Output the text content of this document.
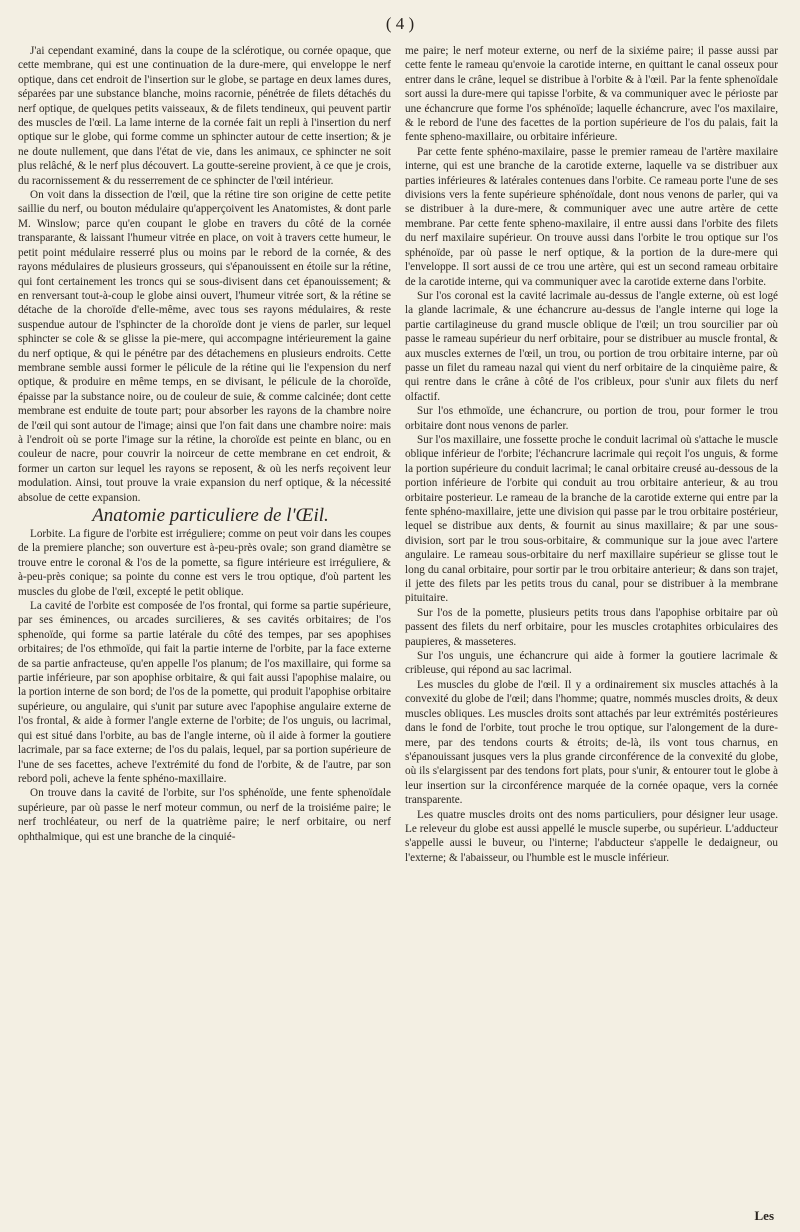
( 4 )

J'ai cependant examiné, dans la coupe de la sclérotique, ou cornée opaque, que cette membrane, qui est une continuation de la dure-mere, qui enveloppe le nerf optique, dans cet endroit de l'insertion sur le globe, se partage en deux lames dures, séparées par une substance blanche, moins racornie, pénétrée de filets détachés du nerf optique, de quelques petits vaisseaux, & de filets tendineux, qui peuvent partir des muscles de l'œil. La lame interne de la cornée fait un repli à l'insertion du nerf optique sur le globe, qui forme comme un sphincter autour de cette insertion; & je ne doute nullement, que dans l'état de vie, dans les animaux, ce sphincter ne soit plus relâché, & le nerf plus découvert. La goutte-sereine provient, à ce que je crois, du racornissement & du resserrement de ce sphincter de l'œil intérieur.

On voit dans la dissection de l'œil, que la rétine tire son origine de cette petite saillie du nerf, ou bouton médulaire qu'apperçoivent les Anatomistes, & dont parle M. Winslow; parce qu'en coupant le globe en travers du côté de la cornée transparante, & laissant l'humeur vitrée en place, on voit à travers cette humeur, le petit point médulaire resserré plus ou moins par le rebord de la cornée, & des rayons médulaires de plusieurs grosseurs, qui s'épanouissent en étoile sur la rétine, qui font certainement les troncs qui se sous-divisent dans cet épanouissement; & en renversant tout-à-coup le globe ainsi ouvert, l'humeur vitrée sort, & la rétine se détache de la choroïde d'elle-même, avec tous ses rayons médulaires, & reste suspendue autour de l'sphincter de la choroïde dont je viens de parler, sur lequel sphincter se cole & se glisse la pie-mere, qui accompagne intérieurement la gaine du nerf optique, & qui le pénétre par des détachemens en plusieurs endroits. Cette membrane semble aussi former le pélicule de la rétine qui lie l'expension du nerf optique, & produire en même temps, en se divisant, le pélicule de la choroïde, épaisse par la substance noire, ou de couleur de suie, & comme calcinée; dont cette membrane est enduite de toute part; pour absorber les rayons de la chambre noire de l'œil qui sont autour de l'image; ainsi que l'on fait dans une chambre noire: mais à l'endroit où se porte l'image sur la rétine, la choroïde est peinte en blanc, ou en couleur de nacre, pour couvrir la noirceur de cette membrane en cet endroit, & former un carton sur lequel les rayons se reposent, & où les nerfs reçoivent leur modulation. Ainsi, tout prouve la vraie expansion du nerf optique, & la nécessité absolue de cette expansion.

Anatomie particuliere de l'Œil.

Lorbite. La figure de l'orbite est irréguliere; comme on peut voir dans les coupes de la premiere planche; son ouverture est à-peu-près ovale; son grand diamètre se trouve entre le coronal & l'os de la pomette, sa figure intérieure est irréguliere, & à-peu-près conique; sa pointe du conne est vers le trou optique, d'où partent les muscles du globe de l'œil, excepté le petit oblique.

La cavité de l'orbite est composée de l'os frontal, qui forme sa partie supérieure, par ses éminences, ou arcades surcilieres, & ses cavités orbitaires; de l'os sphenoïde, qui forme sa partie latérale du côté des tempes, par ses apophises orbitaires; de l'os ethmoïde, qui fait la partie interne de l'orbite, par la face externe de sa partie anfracteuse, qu'en appelle l'os planum; de l'os maxillaire, qui forme sa partie inférieure, par son apophise orbitaire, & qui fait aussi l'apophise malaire, ou la portion interne de son bord; de l'os de la pomette, qui produit l'apophise orbitaire supérieure, ou angulaire, qui s'unit par suture avec l'apophise angulaire externe de l'os frontal, & aide à former l'angle externe de l'orbite; de l'os unguis, ou lacrimal, qui est situé dans l'orbite, au bas de l'angle interne, où il aide à former la goutiere lacrimale, par sa face externe; de l'os du palais, lequel, par sa portion supérieure de l'une de ses facettes, acheve l'extrémité du fond de l'orbite, & de l'autre, par son rebord poli, acheve la fente sphéno-maxillaire.

On trouve dans la cavité de l'orbite, sur l'os sphénoïde, une fente sphenoïdale supérieure, par où passe le nerf moteur commun, ou nerf de la troisiéme paire; le nerf trochléateur, ou nerf de la quatrième paire; le nerf orbitaire, ou nerf ophthalmique, qui est une branche de la cinquié-

me paire; le nerf moteur externe, ou nerf de la sixiéme paire; il passe aussi par cette fente le rameau qu'envoie la carotide interne, en quittant le canal osseux pour entrer dans le crâne, lequel se distribue à l'orbite & à l'œil. Par la fente sphenoïdale sort aussi la dure-mere qui tapisse l'orbite, & va communiquer avec le périoste par une échancrure que forme l'os sphénoïde; laquelle échancrure, avec l'os maxilaire, & le rebord de l'une des facettes de la portion supérieure de l'os du palais, fait la fente spheno-maxillaire, ou orbitaire inférieure.

Par cette fente sphéno-maxilaire, passe le premier rameau de l'artère maxilaire interne, qui est une branche de la carotide externe, laquelle va se distribuer aux parties inférieures & latérales contenues dans l'orbite. Ce rameau porte l'une de ses divisions vers la fente supérieure sphénoïdale, dont nous venons de parler, qui va se distribuer à la dure-mere, & communiquer avec une autre artère de cette membrane. Par cette fente spheno-maxilaire, il entre aussi dans l'orbite des filets du nerf maxilaire supérieur. On trouve aussi dans l'orbite le trou optique sur l'os sphénoïde, par où passe le nerf optique, & la portion de la dure-mere qui l'enveloppe. Il sort aussi de ce trou une artère, qui est un second rameau orbitaire de la carotide interne, qui va communiquer avec la carotide externe dans l'orbite.

Sur l'os coronal est la cavité lacrimale au-dessus de l'angle externe, où est logé la glande lacrimale, & une échancrure au-dessus de l'angle interne qui loge la partie cartilagineuse du grand muscle oblique de l'œil; un trou sourcilier par où passe le rameau supérieur du nerf orbitaire, pour se distribuer au muscle frontal, & aux muscles externes de l'œil, un trou, ou portion de trou orbitaire interne, par où passe un filet du rameau nazal qui vient du nerf orbitaire de la cinquième paire, & qui rentre dans le crâne à côté de l'os cribleux, pour s'unir aux filets du nerf olfactif.

Sur l'os ethmoïde, une échancrure, ou portion de trou, pour former le trou orbitaire dont nous venons de parler.

Sur l'os maxillaire, une fossette proche le conduit lacrimal où s'attache le muscle oblique inférieur de l'orbite; l'échancrure lacrimale qui reçoit l'os unguis, & forme la portion supérieure du conduit lacrimal; le canal orbitaire creusé au-dessous de la portion inférieure de l'orbite qui conduit au trou orbitaire anterieur, & au trou orbitaire posterieur. Le rameau de la branche de la carotide externe qui entre par la fente sphéno-maxillaire, jette une division qui passe par le trou orbitaire postérieur, lequel se distribue aux dents, & fournit au sinus maxillaire; & par une sous-division, sort par le trou sous-orbitaire, & communique sur la joue avec l'artere angulaire. Le rameau sous-orbitaire du nerf maxillaire supérieur se glisse tout le long du canal orbitaire, pour sortir par le trou orbitaire anterieur; & dans son trajet, il jette des filets par les petits trous du canal, pour se distribuer à la membrane pituitaire.

Sur l'os de la pomette, plusieurs petits trous dans l'apophise orbitaire par où passent des filets du nerf orbitaire, pour les muscles crotaphites orbiculaires des paupieres, & masseteres.

Sur l'os unguis, une échancrure qui aide à former la goutiere lacrimale & cribleuse, qui répond au sac lacrimal.

Les muscles du globe de l'œil. Il y a ordinairement six muscles attachés à la convexité du globe de l'œil; dans l'homme; quatre, nommés muscles droits, & deux muscles obliques. Les muscles droits sont attachés par leur extrémités postérieures dans le fond de l'orbite, tout proche le trou optique, sur l'alongement de la dure-mere, par des tendons courts & étroits; de-là, ils vont tous charnus, en s'épanouissant jusques vers la plus grande circonférence de la convexité du globe, où ils s'elargissent par des tendons fort plats, pour s'unir, & entourer tout le globe à leur insertion sur la circonférence marquée de la cornée opaque, vers la cornée transparente.

Les quatre muscles droits ont des noms particuliers, pour désigner leur usage. Le releveur du globe est aussi appellé le muscle superbe, ou supérieur. L'adducteur s'appelle aussi le buveur, ou l'interne; l'abducteur s'appelle le dedaigneur, ou l'externe; & l'abaisseur, ou l'humble est le muscle inférieur.

Les
